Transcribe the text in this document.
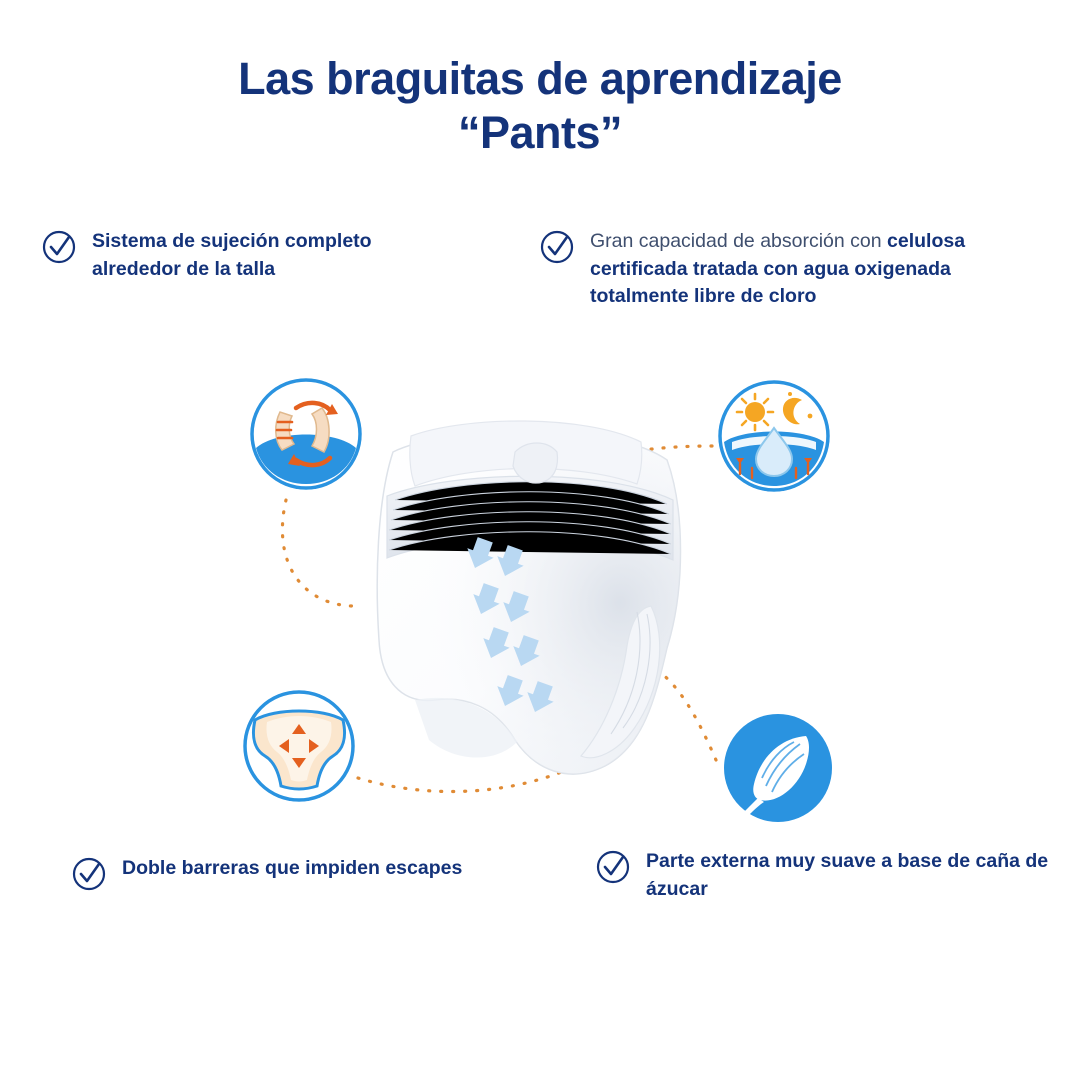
Las braguitas de aprendizaje
“Pants”
Sistema de sujeción completo alrededor de la talla
Gran capacidad de absorción con celulosa certificada tratada con agua oxigenada totalmente libre de cloro
Doble barreras que impiden escapes	Parte externa muy suave a base de caña de ázucar
